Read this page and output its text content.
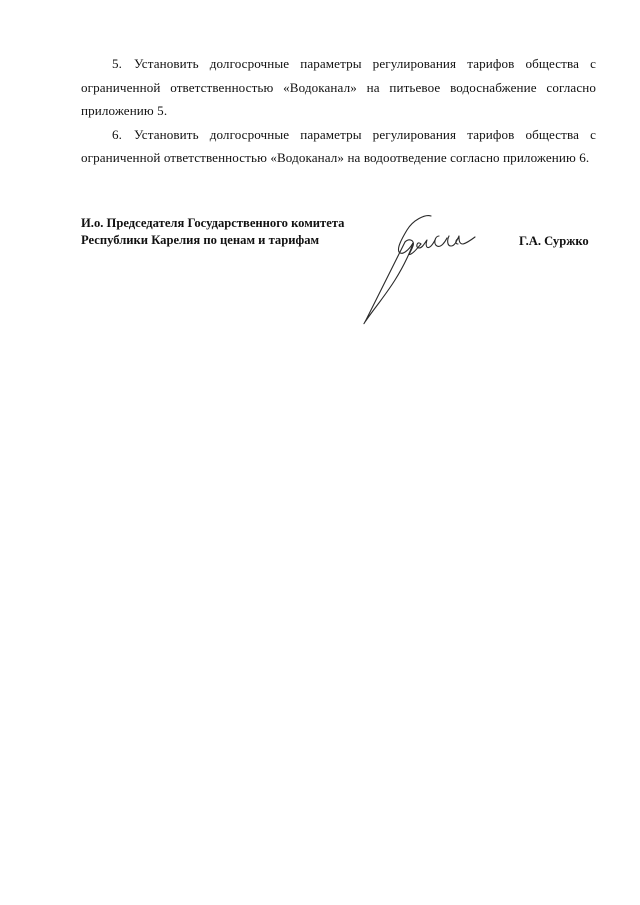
5. Установить долгосрочные параметры регулирования тарифов общества с ограниченной ответственностью «Водоканал» на питьевое водоснабжение согласно приложению 5.

6. Установить долгосрочные параметры регулирования тарифов общества с ограниченной ответственностью «Водоканал» на водоотведение согласно приложению 6.

И.о. Председателя Государственного комитета
Республики Карелия по ценам и тарифам	Г.А. Суржко
